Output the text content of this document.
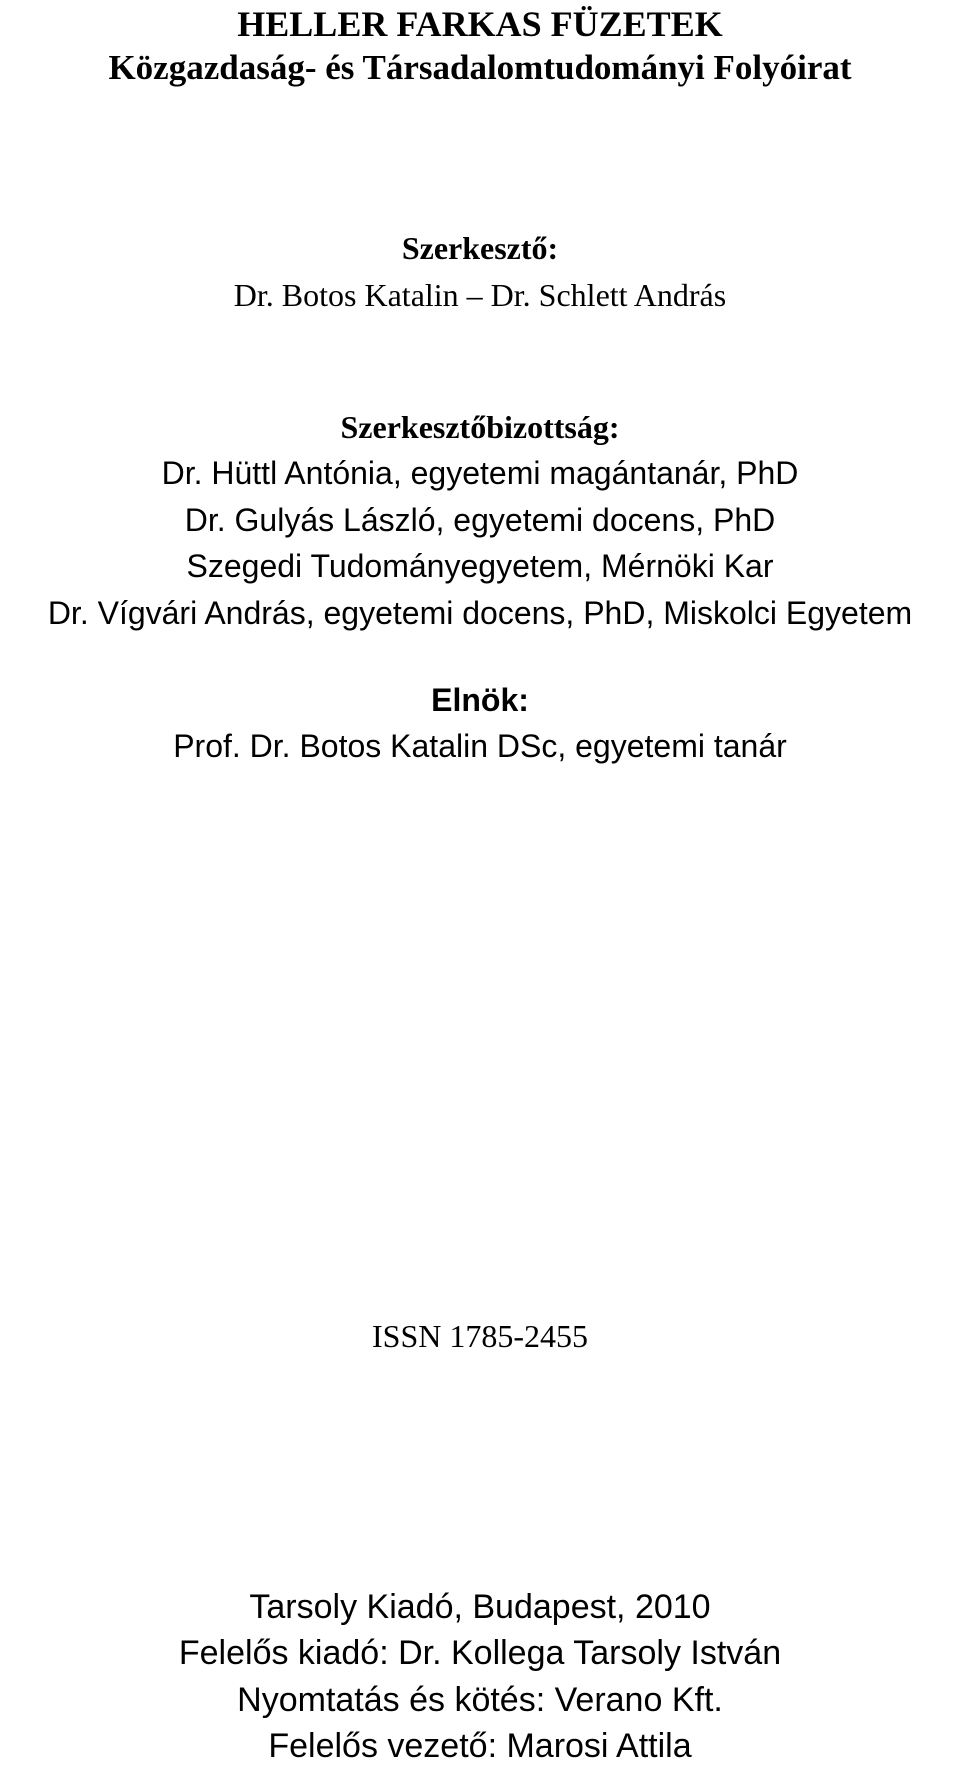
HELLER FARKAS FÜZETEK
Közgazdaság- és Társadalomtudományi Folyóirat
Szerkesztő:
Dr. Botos Katalin – Dr. Schlett András
Szerkesztőbizottság:
Dr. Hüttl Antónia, egyetemi magántanár, PhD
Dr. Gulyás László, egyetemi docens, PhD
Szegedi Tudományegyetem, Mérnöki Kar
Dr. Vígvári András, egyetemi docens, PhD, Miskolci Egyetem
Elnök:
Prof. Dr. Botos Katalin DSc, egyetemi tanár
ISSN 1785-2455
Tarsoly Kiadó, Budapest, 2010
Felelős kiadó: Dr. Kollega Tarsoly István
Nyomtatás és kötés: Verano Kft.
Felelős vezető: Marosi Attila
